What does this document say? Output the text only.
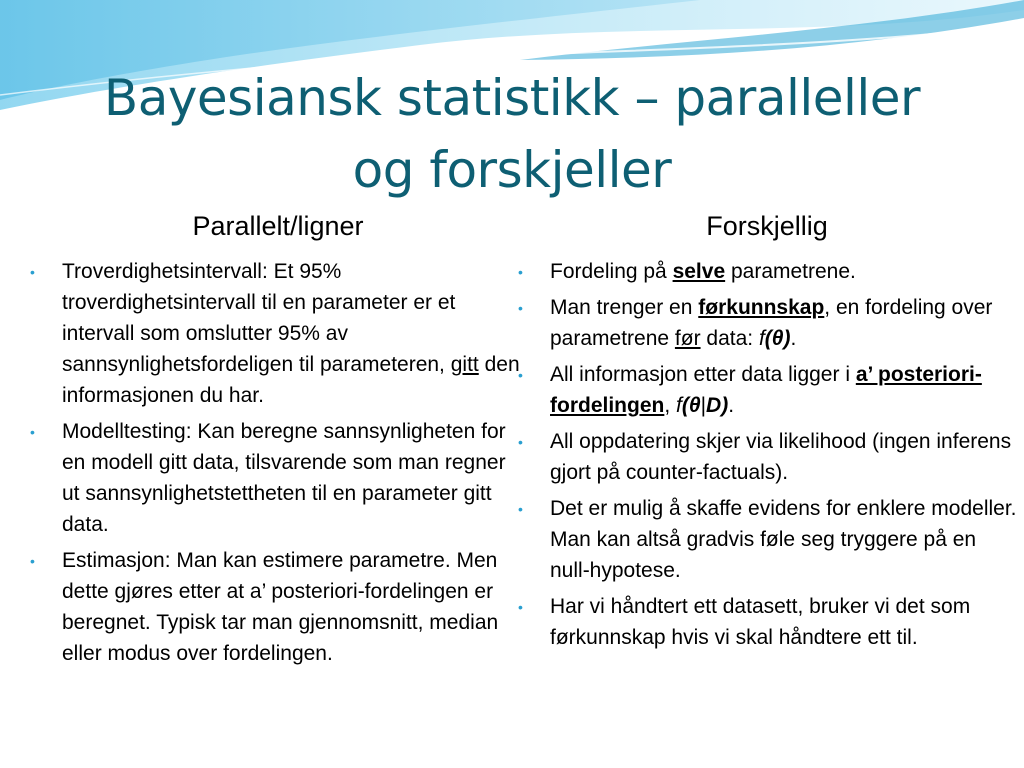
Bayesiansk statistikk – paralleller
og forskjeller
Parallelt/ligner
• Troverdighetsintervall: Et 95% troverdighetsintervall til en parameter er et intervall som omslutter 95% av sannsynlighetsfordeligen til parameteren, gitt den informasjonen du har.
• Modelltesting: Kan beregne sannsynligheten for en modell gitt data, tilsvarende som man regner ut sannsynlighetstettheten til en parameter gitt data.
• Estimasjon: Man kan estimere parametre. Men dette gjøres etter at a’ posteriori-fordelingen er beregnet. Typisk tar man gjennomsnitt, median eller modus over fordelingen.
Forskjellig
• Fordeling på selve parametrene.
• Man trenger en førkunnskap, en fordeling over parametrene før data: f(θ).
• All informasjon etter data ligger i a’ posteriori-fordelingen, f(θ|D).
• All oppdatering skjer via likelihood (ingen inferens gjort på counter-factuals).
• Det er mulig å skaffe evidens for enklere modeller. Man kan altså gradvis føle seg tryggere på en null-hypotese.
• Har vi håndtert ett datasett, bruker vi det som førkunnskap hvis vi skal håndtere ett til.
